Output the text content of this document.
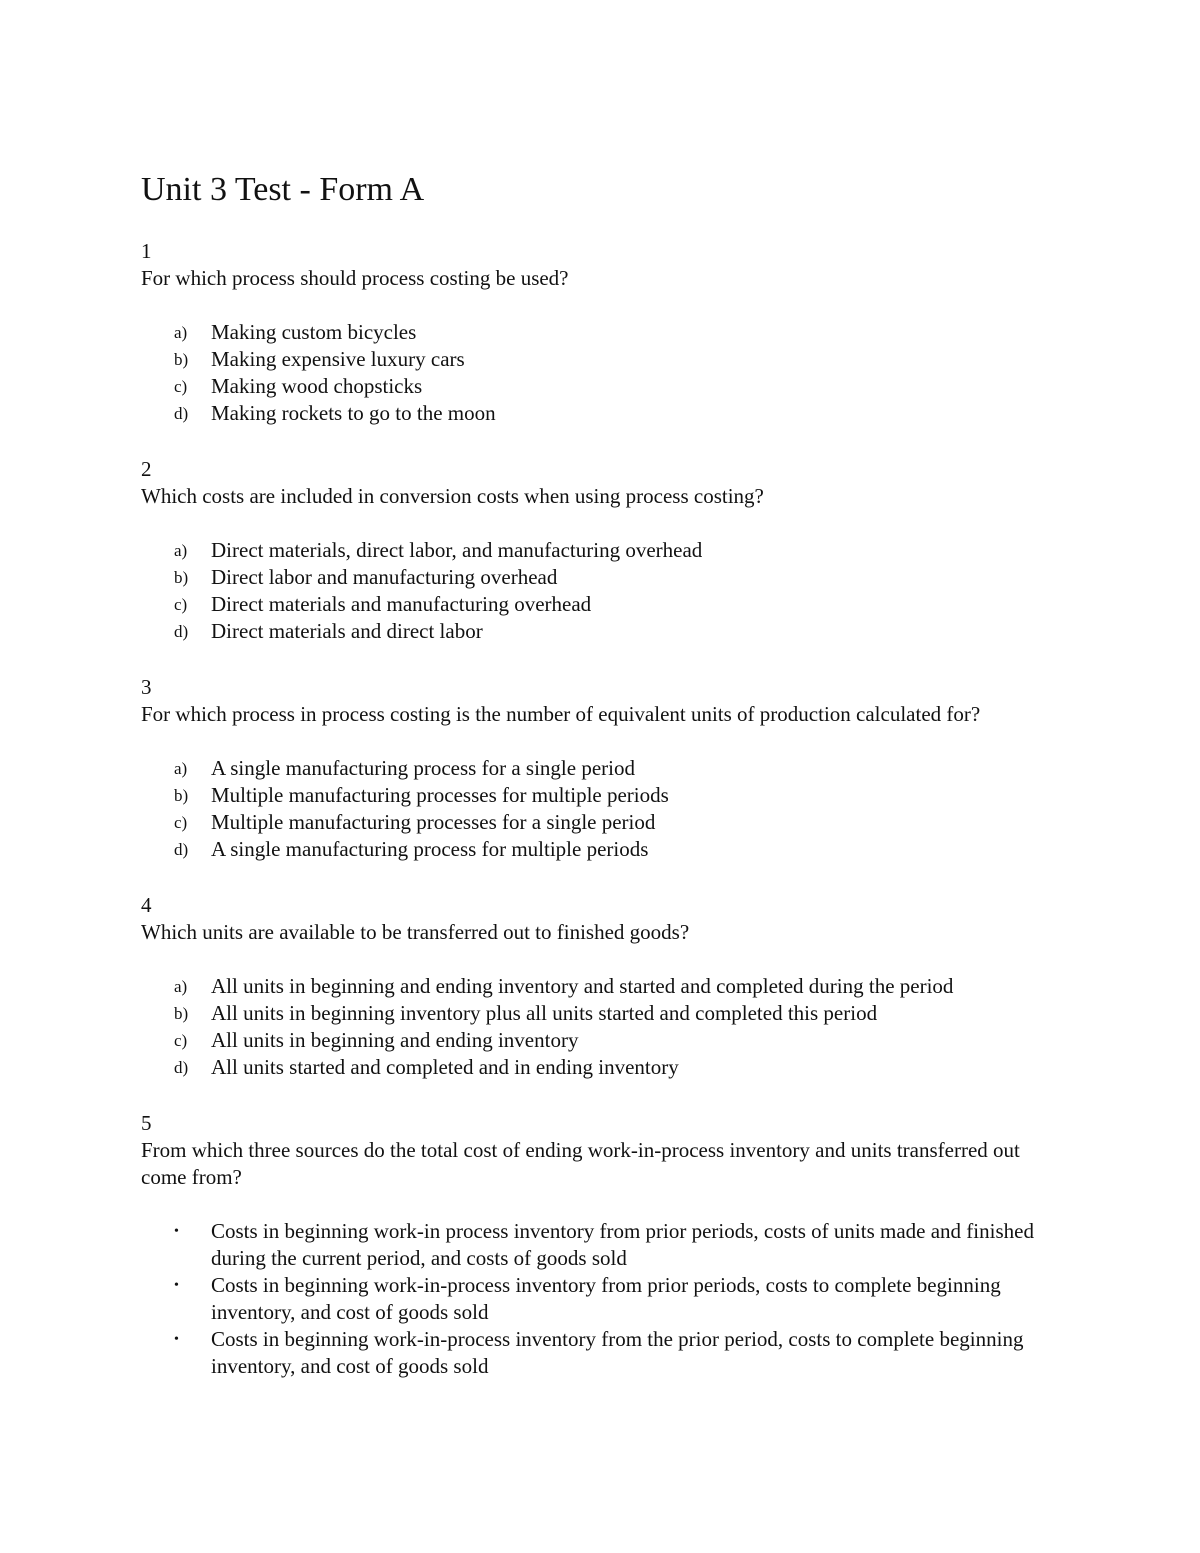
Unit 3 Test - Form A
1
For which process should process costing be used?
a)	Making custom bicycles
b)	Making expensive luxury cars
c)	Making wood chopsticks
d)	Making rockets to go to the moon
2
Which costs are included in conversion costs when using process costing?
a)	Direct materials, direct labor, and manufacturing overhead
b)	Direct labor and manufacturing overhead
c)	Direct materials and manufacturing overhead
d)	Direct materials and direct labor
3
For which process in process costing is the number of equivalent units of production calculated for?
a)	A single manufacturing process for a single period
b)	Multiple manufacturing processes for multiple periods
c)	Multiple manufacturing processes for a single period
d)	A single manufacturing process for multiple periods
4
Which units are available to be transferred out to finished goods?
a)	All units in beginning and ending inventory and started and completed during the period
b)	All units in beginning inventory plus all units started and completed this period
c)	All units in beginning and ending inventory
d)	All units started and completed and in ending inventory
5
From which three sources do the total cost of ending work-in-process inventory and units transferred out come from?
•	Costs in beginning work-in process inventory from prior periods, costs of units made and finished during the current period, and costs of goods sold
•	Costs in beginning work-in-process inventory from prior periods, costs to complete beginning inventory, and cost of goods sold
•	Costs in beginning work-in-process inventory from the prior period, costs to complete beginning inventory, and cost of goods sold
